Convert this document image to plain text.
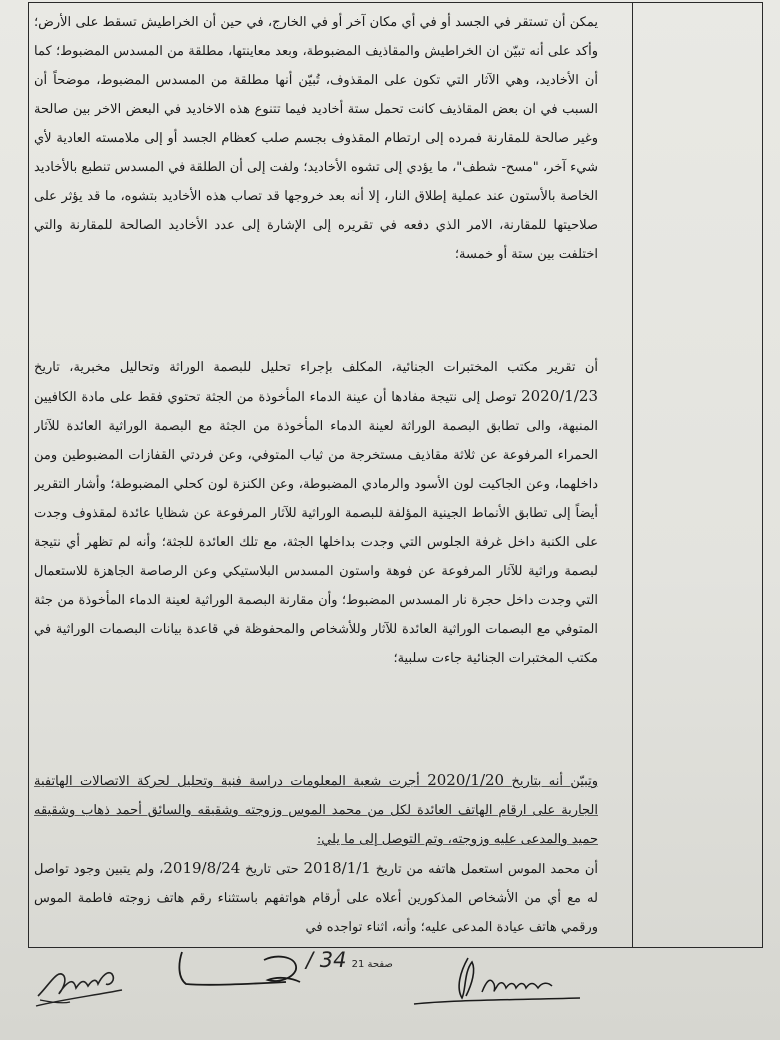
يمكن أن تستقر في الجسد أو في أي مكان آخر أو في الخارج، في حين أن الخراطيش تسقط على الأرض؛ وأكد على أنه تبيّن ان الخراطيش والمقاذيف المضبوطة، وبعد معاينتها، مطلقة من المسدس المضبوط؛ كما أن الأخاديد، وهي الآثار التي تكون على المقذوف، تُبيّن أنها مطلقة من المسدس المضبوط، موضحاً أن السبب في ان بعض المقاذيف كانت تحمل ستة أخاديد فيما تتنوع هذه الاخاديد في البعض الاخر بين صالحة وغير صالحة للمقارنة فمرده إلى ارتطام المقذوف بجسم صلب كعظام الجسد أو إلى ملامسته العادية لأي شيء آخر، "مسح- شطف"، ما يؤدي إلى تشوه الأخاديد؛ ولفت إلى أن الطلقة في المسدس تنطبع بالأخاديد الخاصة بالأستون عند عملية إطلاق النار، إلا أنه بعد خروجها قد تصاب هذه الأخاديد بتشوه، ما قد يؤثر على صلاحيتها للمقارنة، الامر الذي دفعه في تقريره إلى الإشارة إلى عدد الأخاديد الصالحة للمقارنة والتي اختلفت بين ستة أو خمسة؛

أن تقرير مكتب المختبرات الجنائية، المكلف بإجراء تحليل للبصمة الوراثة وتحاليل مخبرية، تاريخ 2020/1/23 توصل إلى نتيجة مفادها أن عينة الدماء المأخوذة من الجثة تحتوي فقط على مادة الكافيين المنبهة، والى تطابق البصمة الوراثة لعينة الدماء المأخوذة من الجثة مع البصمة الوراثية العائدة للآثار الحمراء المرفوعة عن ثلاثة مقاذيف مستخرجة من ثياب المتوفي، وعن فردتي القفازات المضبوطين ومن داخلهما، وعن الجاكيت لون الأسود والرمادي المضبوطة، وعن الكنزة لون كحلي المضبوطة؛ وأشار التقرير أيضاً إلى تطابق الأنماط الجينية المؤلفة للبصمة الوراثية للآثار المرفوعة عن شظايا عائدة لمقذوف وجدت على الكنبة داخل غرفة الجلوس التي وجدت بداخلها الجثة، مع تلك العائدة للجثة؛ وأنه لم تظهر أي نتيجة لبصمة وراثية للآثار المرفوعة عن فوهة واستون المسدس البلاستيكي وعن الرصاصة الجاهزة للاستعمال التي وجدت داخل حجرة نار المسدس المضبوط؛ وأن مقارنة البصمة الوراثية لعينة الدماء المأخوذة من جثة المتوفي مع البصمات الوراثية العائدة للآثار وللأشخاص والمحفوظة في قاعدة بيانات البصمات الوراثية في مكتب المختبرات الجنائية جاءت سلبية؛

وتبيّن أنه بتاريخ 2020/1/20 أجرت شعبة المعلومات دراسة فنية وتحليل لحركة الاتصالات الهاتفية الجارية على ارقام الهاتف العائدة لكل من محمد الموس وزوجته وشقيقه والسائق أحمد ذهاب وشقيقه حميد والمدعى عليه وزوجته، وتم التوصل إلى ما يلي:

أن محمد الموس استعمل هاتفه من تاريخ 2018/1/1 حتى تاريخ 2019/8/24، ولم يتبين وجود تواصل له مع أي من الأشخاص المذكورين أعلاه على أرقام هواتفهم باستثناء رقم هاتف زوجته فاطمة الموس ورقمي هاتف عيادة المدعى عليه؛ وأنه، اثناء تواجده في

صفحة 21 34 /
